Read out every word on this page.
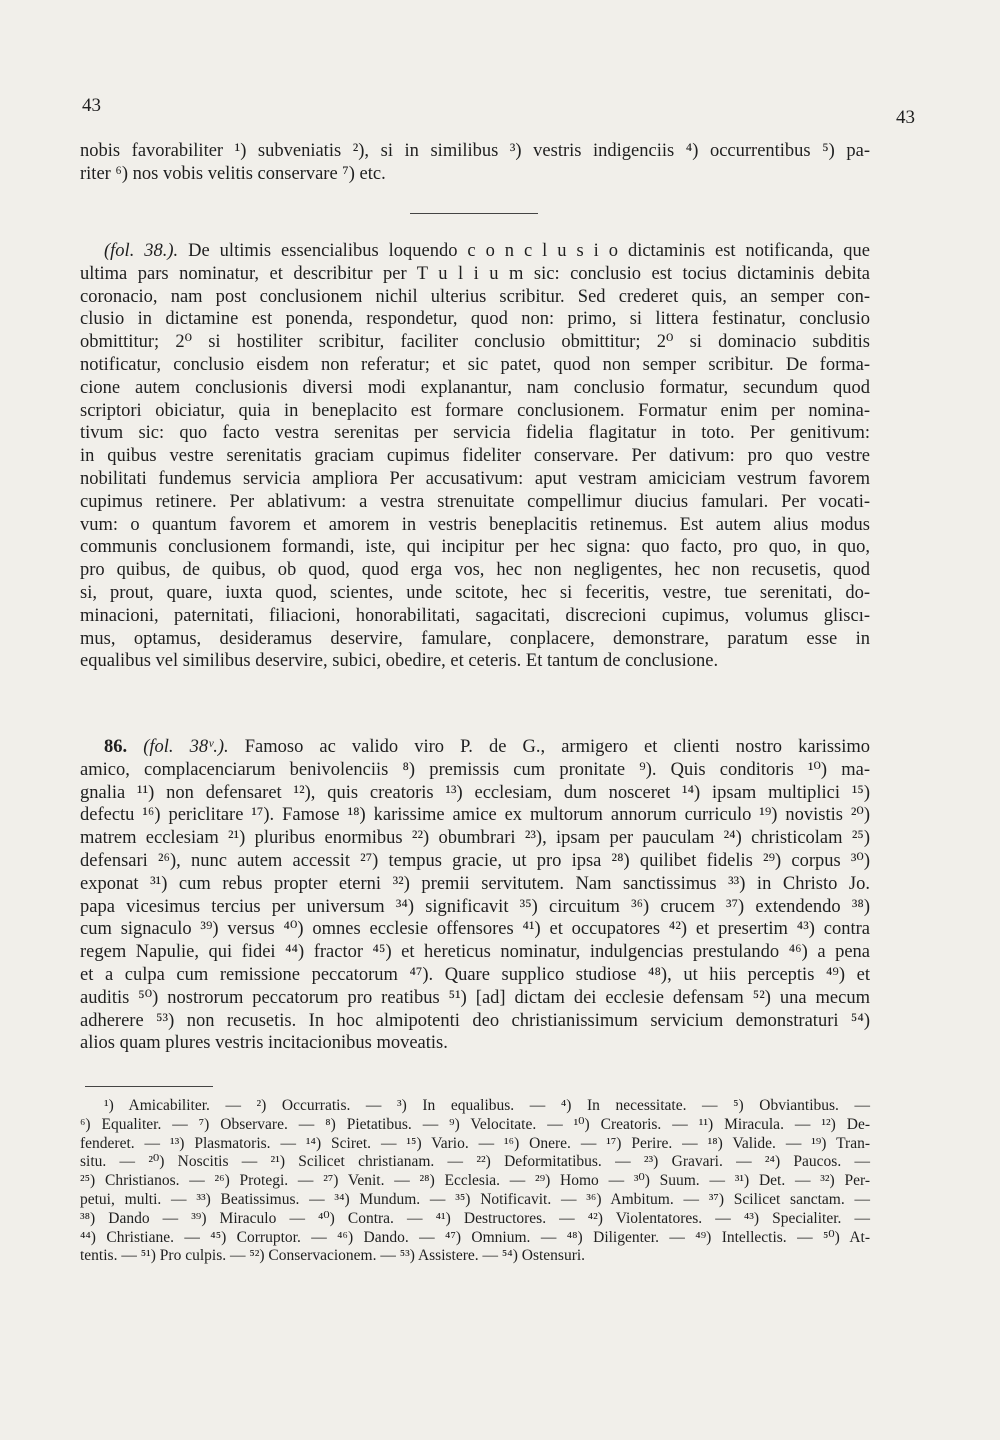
43
43
nobis favorabiliter ¹) subveniatis ²), si in similibus ³) vestris indigenciis ⁴) occurrentibus ⁵) pa-
riter ⁶) nos vobis velitis conservare ⁷) etc.
(fol. 38.). De ultimis essencialibus loquendo c o n c l u s i o dictaminis est notificanda, que
ultima pars nominatur, et describitur per T u l i u m sic: conclusio est tocius dictaminis debita
coronacio, nam post conclusionem nichil ulterius scribitur. Sed crederet quis, an semper con-
clusio in dictamine est ponenda, respondetur, quod non: primo, si littera festinatur, conclusio
obmittitur; 2⁰ si hostiliter scribitur, faciliter conclusio obmittitur; 2⁰ si dominacio subditis
notificatur, conclusio eisdem non referatur; et sic patet, quod non semper scribitur. De forma-
cione autem conclusionis diversi modi explanantur, nam conclusio formatur, secundum quod
scriptori obiciatur, quia in beneplacito est formare conclusionem. Formatur enim per nomina-
tivum sic: quo facto vestra serenitas per servicia fidelia flagitatur in toto. Per genitivum:
in quibus vestre serenitatis graciam cupimus fideliter conservare. Per dativum: pro quo vestre
nobilitati fundemus servicia ampliora Per accusativum: aput vestram amiciciam vestrum favorem
cupimus retinere. Per ablativum: a vestra strenuitate compellimur diucius famulari. Per vocati-
vum: o quantum favorem et amorem in vestris beneplacitis retinemus. Est autem alius modus
communis conclusionem formandi, iste, qui incipitur per hec signa: quo facto, pro quo, in quo,
pro quibus, de quibus, ob quod, quod erga vos, hec non negligentes, hec non recusetis, quod
si, prout, quare, iuxta quod, scientes, unde scitote, hec si feceritis, vestre, tue serenitati, do-
minacioni, paternitati, filiacioni, honorabilitati, sagacitati, discrecioni cupimus, volumus gliscı-
mus, optamus, desideramus deservire, famulare, conplacere, demonstrare, paratum esse in
equalibus vel similibus deservire, subici, obedire, et ceteris. Et tantum de conclusione.
86. (fol. 38ᵛ.). Famoso ac valido viro P. de G., armigero et clienti nostro karissimo
amico, complacenciarum benivolenciis ⁸) premissis cum pronitate ⁹). Quis conditoris ¹⁰) ma-
gnalia ¹¹) non defensaret ¹²), quis creatoris ¹³) ecclesiam, dum nosceret ¹⁴) ipsam multiplici ¹⁵)
defectu ¹⁶) periclitare ¹⁷). Famose ¹⁸) karissime amice ex multorum annorum curriculo ¹⁹) novistis ²⁰)
matrem ecclesiam ²¹) pluribus enormibus ²²) obumbrari ²³), ipsam per pauculam ²⁴) christicolam ²⁵)
defensari ²⁶), nunc autem accessit ²⁷) tempus gracie, ut pro ipsa ²⁸) quilibet fidelis ²⁹) corpus ³⁰)
exponat ³¹) cum rebus propter eterni ³²) premii servitutem. Nam sanctissimus ³³) in Christo Jo.
papa vicesimus tercius per universum ³⁴) significavit ³⁵) circuitum ³⁶) crucem ³⁷) extendendo ³⁸)
cum signaculo ³⁹) versus ⁴⁰) omnes ecclesie offensores ⁴¹) et occupatores ⁴²) et presertim ⁴³) contra
regem Napulie, qui fidei ⁴⁴) fractor ⁴⁵) et hereticus nominatur, indulgencias prestulando ⁴⁶) a pena
et a culpa cum remissione peccatorum ⁴⁷). Quare supplico studiose ⁴⁸), ut hiis perceptis ⁴⁹) et
auditis ⁵⁰) nostrorum peccatorum pro reatibus ⁵¹) [ad] dictam dei ecclesie defensam ⁵²) una mecum
adherere ⁵³) non recusetis. In hoc almipotenti deo christianissimum servicium demonstraturi ⁵⁴)
alios quam plures vestris incitacionibus moveatis.
¹) Amicabiliter. — ²) Occurratis. — ³) In equalibus. — ⁴) In necessitate. — ⁵) Obviantibus. —
⁶) Equaliter. — ⁷) Observare. — ⁸) Pietatibus. — ⁹) Velocitate. — ¹⁰) Creatoris. — ¹¹) Miracula. — ¹²) De-
fenderet. — ¹³) Plasmatoris. — ¹⁴) Sciret. — ¹⁵) Vario. — ¹⁶) Onere. — ¹⁷) Perire. — ¹⁸) Valide. — ¹⁹) Tran-
situ. — ²⁰) Noscitis — ²¹) Scilicet christianam. — ²²) Deformitatibus. — ²³) Gravari. — ²⁴) Paucos. —
²⁵) Christianos. — ²⁶) Protegi. — ²⁷) Venit. — ²⁸) Ecclesia. — ²⁹) Homo — ³⁰) Suum. — ³¹) Det. — ³²) Per-
petui, multi. — ³³) Beatissimus. — ³⁴) Mundum. — ³⁵) Notificavit. — ³⁶) Ambitum. — ³⁷) Scilicet sanctam. —
³⁸) Dando — ³⁹) Miraculo — ⁴⁰) Contra. — ⁴¹) Destructores. — ⁴²) Violentatores. — ⁴³) Specialiter. —
⁴⁴) Christiane. — ⁴⁵) Corruptor. — ⁴⁶) Dando. — ⁴⁷) Omnium. — ⁴⁸) Diligenter. — ⁴⁹) Intellectis. — ⁵⁰) At-
tentis. — ⁵¹) Pro culpis. — ⁵²) Conservacionem. — ⁵³) Assistere. — ⁵⁴) Ostensuri.
